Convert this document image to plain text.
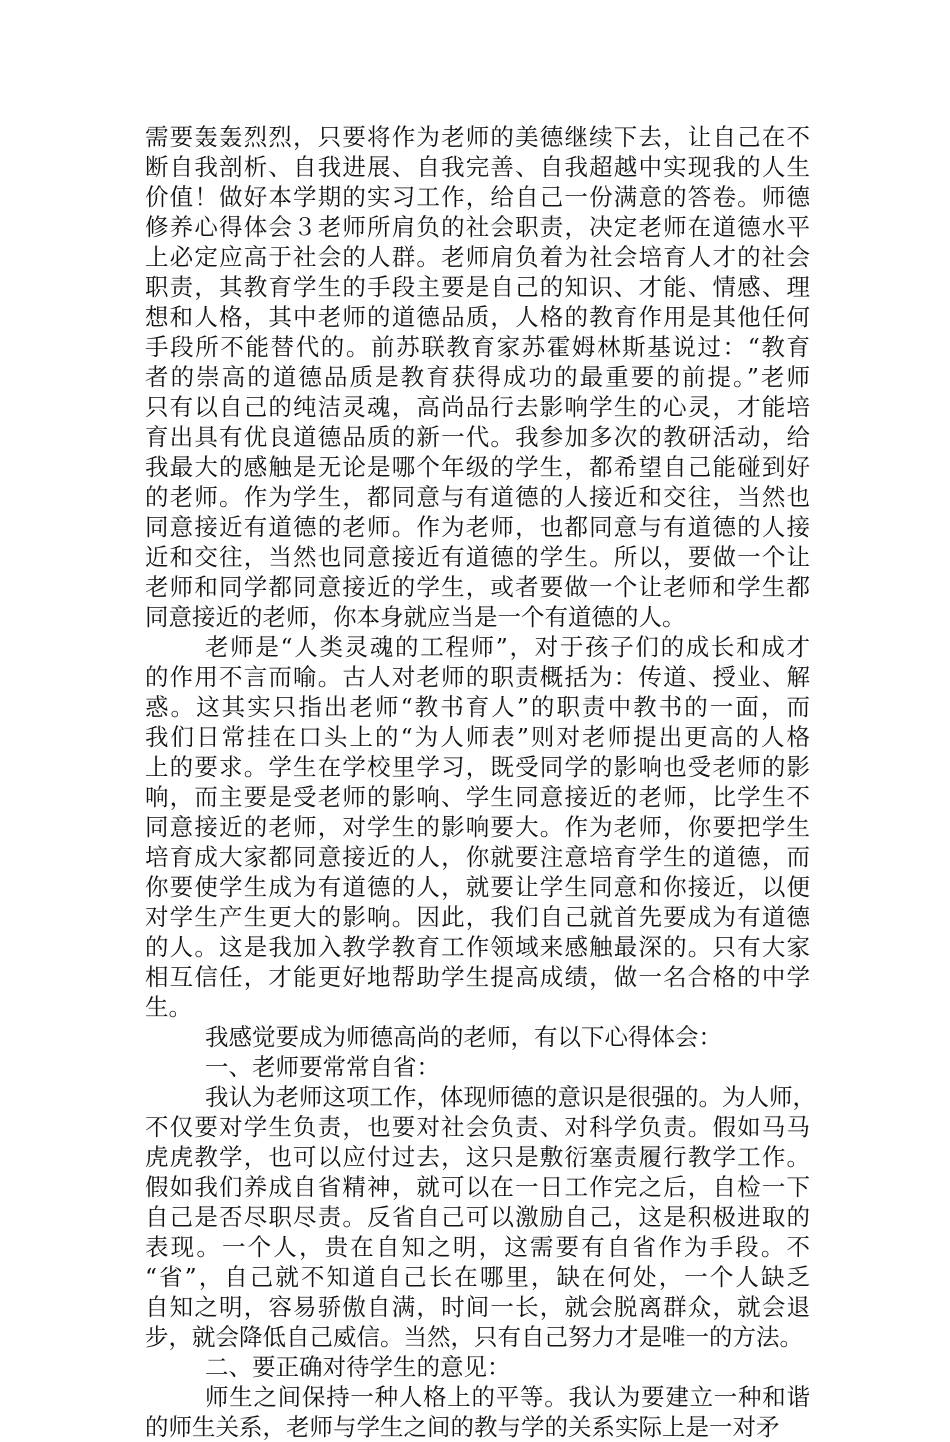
需要轰轰烈烈，只要将作为老师的美德继续下去，让自己在不
断自我剖析、自我进展、自我完善、自我超越中实现我的人生
价值！做好本学期的实习工作，给自己一份满意的答卷。师德
修养心得体会３老师所肩负的社会职责，决定老师在道德水平
上必定应高于社会的人群。老师肩负着为社会培育人才的社会
职责，其教育学生的手段主要是自己的知识、才能、情感、理
想和人格，其中老师的道德品质，人格的教育作用是其他任何
手段所不能替代的。前苏联教育家苏霍姆林斯基说过：“教育
者的崇高的道德品质是教育获得成功的最重要的前提。”老师
只有以自己的纯洁灵魂，高尚品行去影响学生的心灵，才能培
育出具有优良道德品质的新一代。我参加多次的教研活动，给
我最大的感触是无论是哪个年级的学生，都希望自己能碰到好
的老师。作为学生，都同意与有道德的人接近和交往，当然也
同意接近有道德的老师。作为老师，也都同意与有道德的人接
近和交往，当然也同意接近有道德的学生。所以，要做一个让
老师和同学都同意接近的学生，或者要做一个让老师和学生都
同意接近的老师，你本身就应当是一个有道德的人。
老师是“人类灵魂的工程师”，对于孩子们的成长和成才
的作用不言而喻。古人对老师的职责概括为：传道、授业、解
惑。这其实只指出老师“教书育人”的职责中教书的一面，而
我们日常挂在口头上的“为人师表”则对老师提出更高的人格
上的要求。学生在学校里学习，既受同学的影响也受老师的影
响，而主要是受老师的影响、学生同意接近的老师，比学生不
同意接近的老师，对学生的影响要大。作为老师，你要把学生
培育成大家都同意接近的人，你就要注意培育学生的道德，而
你要使学生成为有道德的人，就要让学生同意和你接近，以便
对学生产生更大的影响。因此，我们自己就首先要成为有道德
的人。这是我加入教学教育工作领域来感触最深的。只有大家
相互信任，才能更好地帮助学生提高成绩，做一名合格的中学
生。
我感觉要成为师德高尚的老师，有以下心得体会：
一、老师要常常自省：
我认为老师这项工作，体现师德的意识是很强的。为人师，
不仅要对学生负责，也要对社会负责、对科学负责。假如马马
虎虎教学，也可以应付过去，这只是敷衍塞责履行教学工作。
假如我们养成自省精神，就可以在一日工作完之后，自检一下
自己是否尽职尽责。反省自己可以激励自己，这是积极进取的
表现。一个人，贵在自知之明，这需要有自省作为手段。不
“省”，自己就不知道自己长在哪里，缺在何处，一个人缺乏
自知之明，容易骄傲自满，时间一长，就会脱离群众，就会退
步，就会降低自己威信。当然，只有自己努力才是唯一的方法。
二、要正确对待学生的意见：
师生之间保持一种人格上的平等。我认为要建立一种和谐
的师生关系，老师与学生之间的教与学的关系实际上是一对矛
